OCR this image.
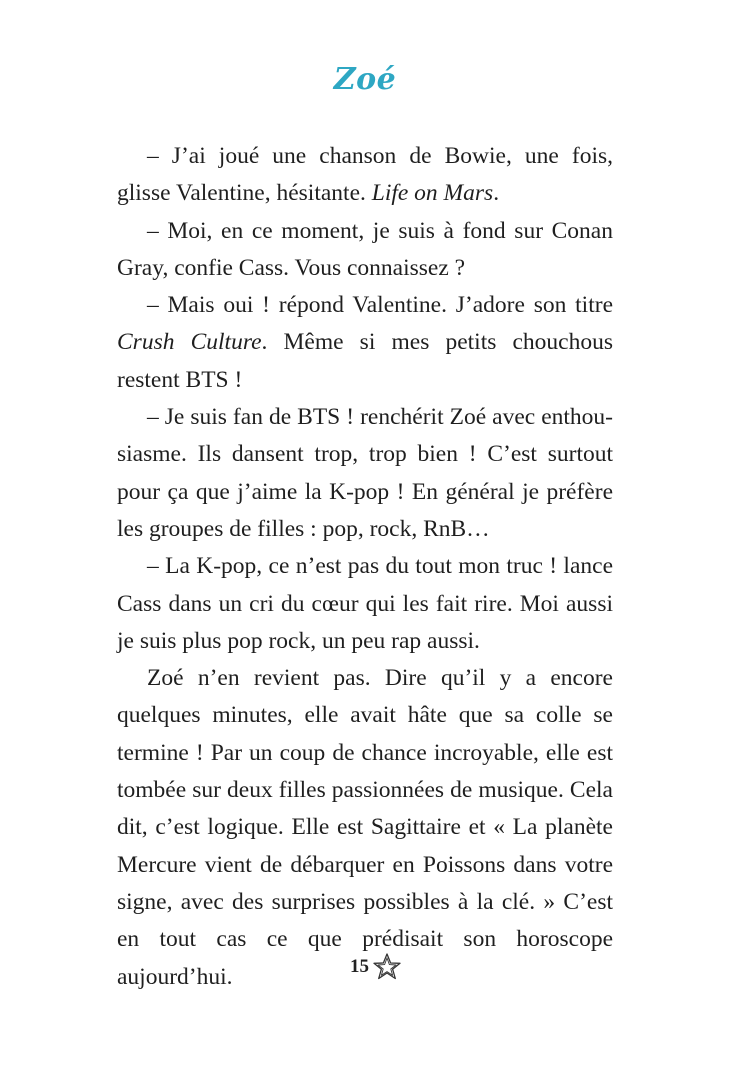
Zoé

– J’ai joué une chanson de Bowie, une fois, glisse Valentine, hésitante. Life on Mars.

– Moi, en ce moment, je suis à fond sur Conan Gray, confie Cass. Vous connaissez ?

– Mais oui ! répond Valentine. J’adore son titre Crush Culture. Même si mes petits chouchous restent BTS !

– Je suis fan de BTS ! renchérit Zoé avec enthou-siasme. Ils dansent trop, trop bien ! C’est surtout pour ça que j’aime la K-pop ! En général je préfère les groupes de filles : pop, rock, RnB…

– La K-pop, ce n’est pas du tout mon truc ! lance Cass dans un cri du cœur qui les fait rire. Moi aussi je suis plus pop rock, un peu rap aussi.

Zoé n’en revient pas. Dire qu’il y a encore quelques minutes, elle avait hâte que sa colle se termine ! Par un coup de chance incroyable, elle est tombée sur deux filles passionnées de musique. Cela dit, c’est logique. Elle est Sagittaire et « La planète Mercure vient de débarquer en Poissons dans votre signe, avec des surprises possibles à la clé. » C’est en tout cas ce que prédisait son horoscope aujourd’hui.	15
